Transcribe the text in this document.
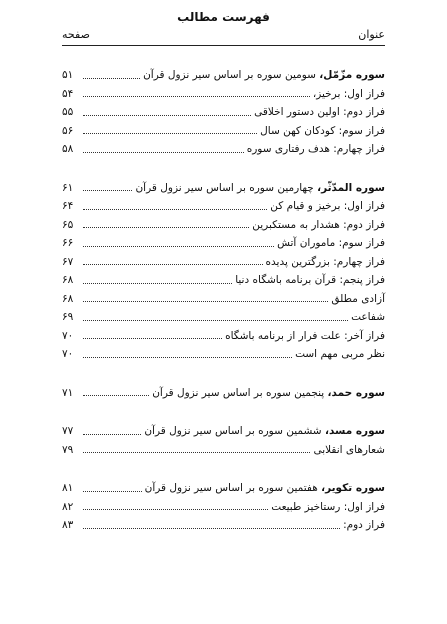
فهرست مطالب
عنوان
صفحه
سوره مزّمّل، سومین سوره بر اساس سیر نزول قرآن
۵۱
فراز اول: برخیز،
۵۴
فراز دوم: اولین دستور اخلاقی
۵۵
فراز سوم: کودکان کهن سال
۵۶
فراز چهارم: هدف رفتاری سوره
۵۸
سوره المدّثّر، چهارمین سوره بر اساس سیر نزول قرآن
۶۱
فراز اول: برخیز و قیام کن
۶۴
فراز دوم: هشدار به مستکبرین
۶۵
فراز سوم: ماموران آتش
۶۶
فراز چهارم: بزرگترین پدیده
۶۷
فراز پنجم: قرآن برنامه باشگاه دنیا
۶۸
آزادی مطلق
۶۸
شفاعت
۶۹
فراز آخر: علت فرار از برنامه باشگاه
۷۰
نظر مربی مهم است
۷۰
سوره حمد، پنجمین سوره بر اساس سیر نزول قرآن
۷۱
سوره مسد، ششمین سوره بر اساس سیر نزول قرآن
۷۷
شعارهای انقلابی
۷۹
سوره تکویر، هفتمین سوره بر اساس سیر نزول قرآن
۸۱
فراز اول: رستاخیز طبیعت
۸۲
فراز دوم:
۸۳
